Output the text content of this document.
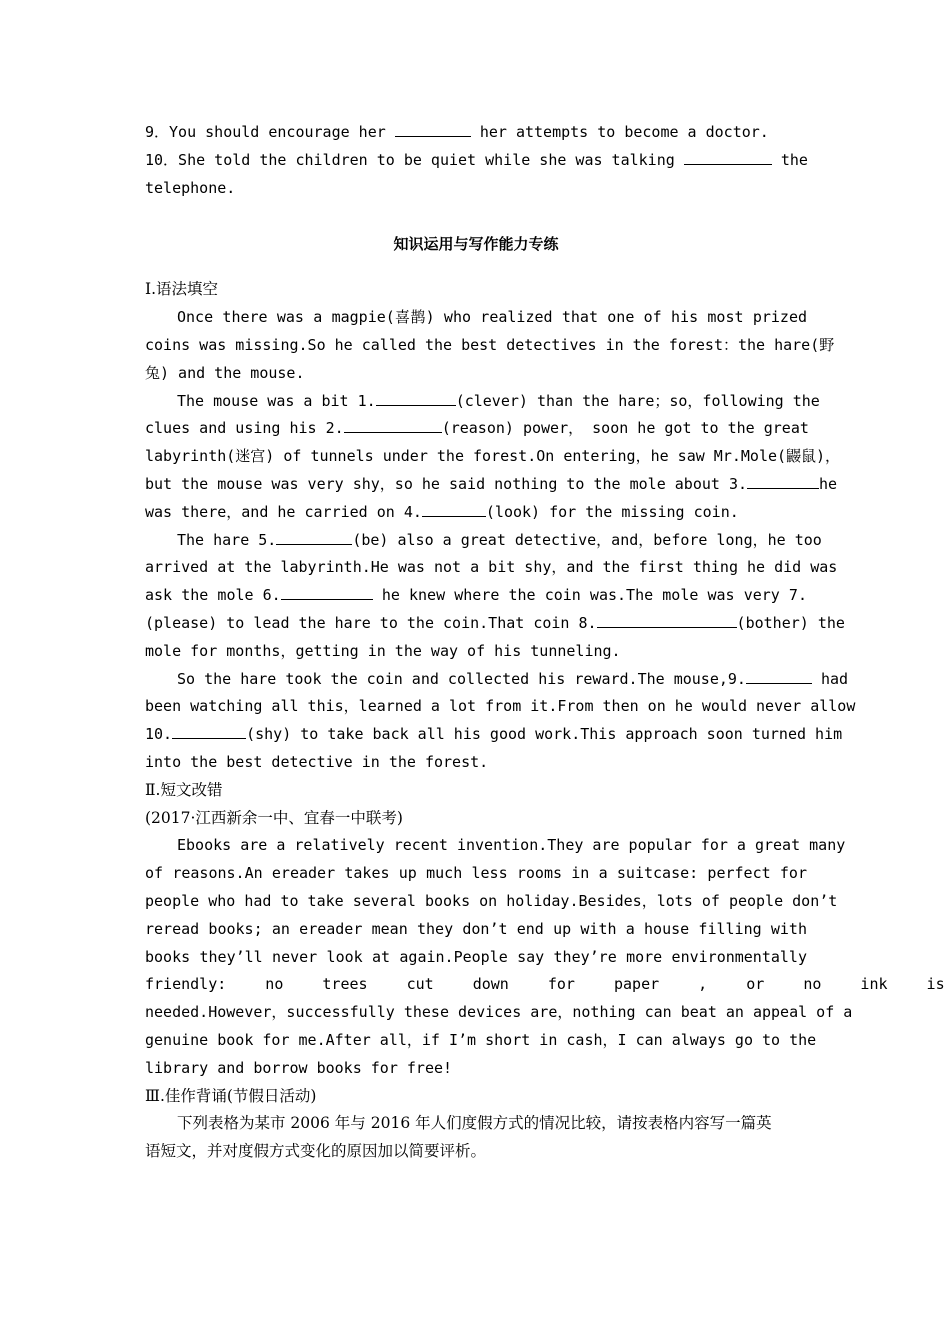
9．You should encourage her	her attempts to become a doctor.
10．She told the children to be quiet while she was talking	the
telephone.
知识运用与写作能力专练
Ⅰ.语法填空
Once there was a magpie(喜鹊) who realized that one of his most prized
coins was missing.So he called the best detectives in the forest：the hare(野
兔) and the mouse.
The mouse was a bit 1.	(clever) than the hare；so，following the
clues and using his 2.	(reason) power， soon he got to the great
labyrinth(迷宫) of tunnels under the forest.On entering，he saw Mr.Mole(鼹鼠)，
but the mouse was very shy，so he said nothing to the mole about 3.	he
was there，and he carried on 4.	(look) for the missing coin.
The hare 5.	(be) also a great detective，and，before long，he too
arrived at the labyrinth.He was not a bit shy，and the first thing he did was
ask the mole 6.	he knew where the coin was.The mole was very 7.
(please) to lead the hare to the coin.That coin 8.	(bother) the
mole for months，getting in the way of his tunneling.
So the hare took the coin and collected his reward.The mouse,9.	had
been watching all this，learned a lot from it.From then on he would never allow
10.	(shy) to take back all his good work.This approach soon turned him
into the best detective in the forest.
Ⅱ.短文改错
(2017·江西新余一中、宜春一中联考)
Ebooks are a relatively recent invention.They are popular for a great many
of reasons.An ereader takes up much less rooms in a suitcase: perfect for
people who had to take several books on holiday.Besides，lots of people don’t
reread books; an ereader mean they don’t end up with a house filling with
books they’ll never look at again.People say they’re more environmentally
friendly: no trees cut down for paper , or no ink is
needed.However，successfully these devices are，nothing can beat an appeal of a
genuine book for me.After all，if I’m short in cash，I can always go to the
library and borrow books for free!
Ⅲ.佳作背诵(节假日活动)
下列表格为某市 2006 年与 2016 年人们度假方式的情况比较，请按表格内容写一篇英
语短文，并对度假方式变化的原因加以简要评析。
